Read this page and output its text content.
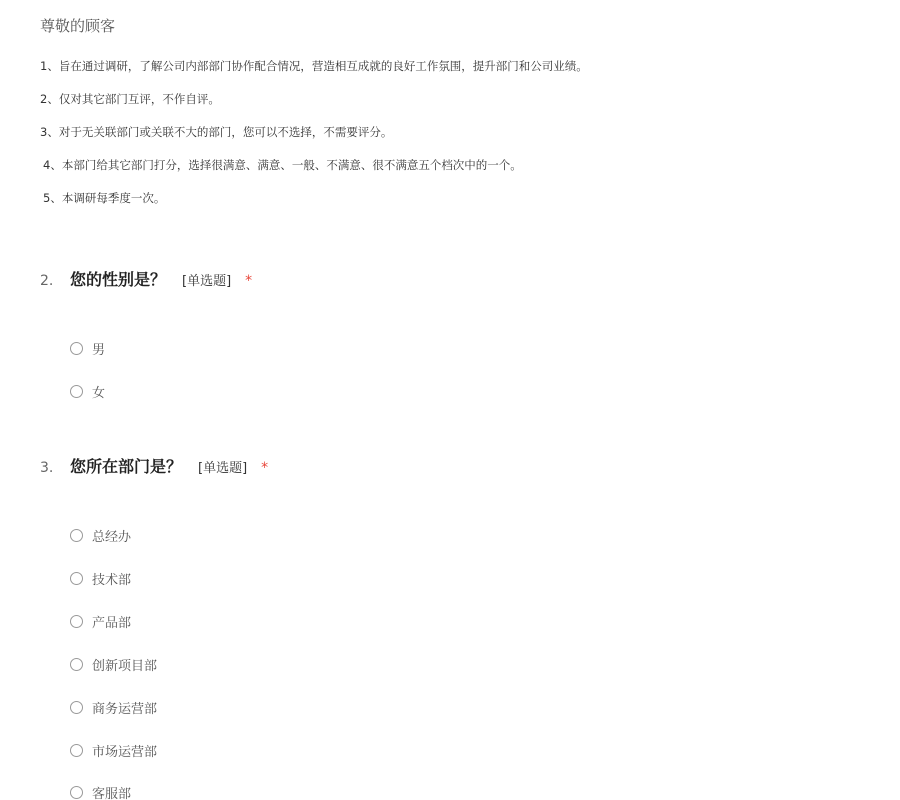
尊敬的顾客
1、旨在通过调研，了解公司内部部门协作配合情况，营造相互成就的良好工作氛围，提升部门和公司业绩。
2、仅对其它部门互评，不作自评。
3、对于无关联部门或关联不大的部门，您可以不选择，不需要评分。
4、本部门给其它部门打分，选择很满意、满意、一般、不满意、很不满意五个档次中的一个。
5、本调研每季度一次。
2.	您的性别是？ [单选题] *
男
女
3.	您所在部门是？ [单选题] *
总经办
技术部
产品部
创新项目部
商务运营部
市场运营部
客服部
